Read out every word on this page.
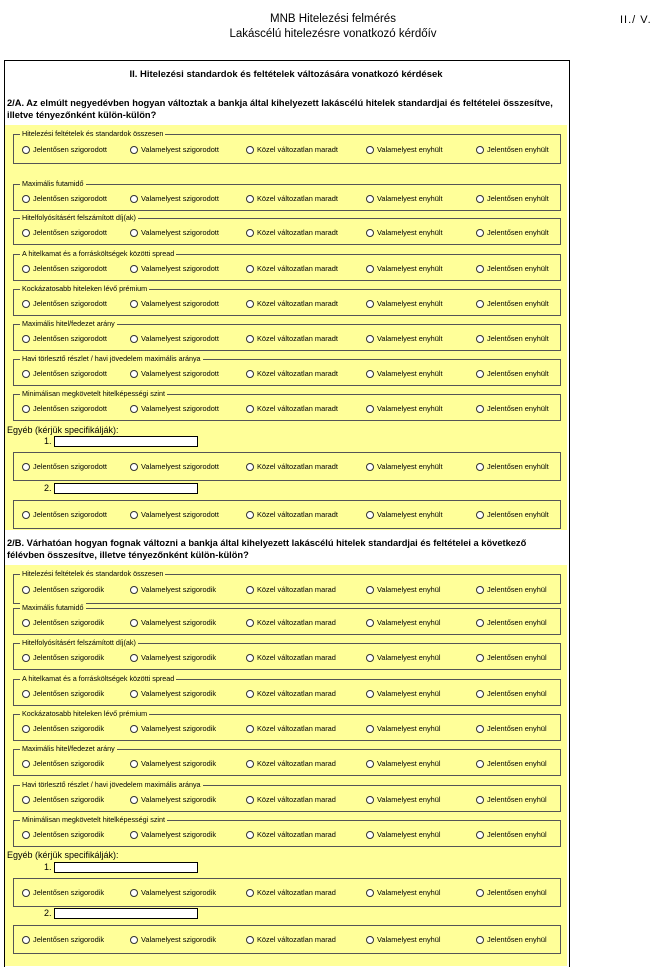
MNB Hitelezési felmérés
Lakáscélú hitelezésre vonatkozó kérdőív
II./ V.
II. Hitelezési standardok és feltételek változására vonatkozó kérdések
2/A. Az elmúlt negyedévben hogyan változtak a bankja által kihelyezett lakáscélú hitelek standardjai és feltételei összesítve, illetve tényezőnként külön-külön?
Hitelezési feltételek és standardok összesen
Jelentősen szigorodott	Valamelyest szigorodott	Közel változatlan maradt	Valamelyest enyhült	Jelentősen enyhült
Maximális futamidő
Jelentősen szigorodott	Valamelyest szigorodott	Közel változatlan maradt	Valamelyest enyhült	Jelentősen enyhült
Hitelfolyósításért felszámított díj(ak)
Jelentősen szigorodott	Valamelyest szigorodott	Közel változatlan maradt	Valamelyest enyhült	Jelentősen enyhült
A hitelkamat és a forrásköltségek közötti spread
Jelentősen szigorodott	Valamelyest szigorodott	Közel változatlan maradt	Valamelyest enyhült	Jelentősen enyhült
Kockázatosabb hiteleken lévő prémium
Jelentősen szigorodott	Valamelyest szigorodott	Közel változatlan maradt	Valamelyest enyhült	Jelentősen enyhült
Maximális hitel/fedezet arány
Jelentősen szigorodott	Valamelyest szigorodott	Közel változatlan maradt	Valamelyest enyhült	Jelentősen enyhült
Havi törlesztő részlet / havi jövedelem maximális aránya
Jelentősen szigorodott	Valamelyest szigorodott	Közel változatlan maradt	Valamelyest enyhült	Jelentősen enyhült
Minimálisan megkövetelt hitelképességi szint
Jelentősen szigorodott	Valamelyest szigorodott	Közel változatlan maradt	Valamelyest enyhült	Jelentősen enyhült
Jelentősen szigorodott	Valamelyest szigorodott	Közel változatlan maradt	Valamelyest enyhült	Jelentősen enyhült
Jelentősen szigorodott	Valamelyest szigorodott	Közel változatlan maradt	Valamelyest enyhült	Jelentősen enyhült
Egyéb (kérjük specifikálják):
1.
2.
2/B. Várhatóan hogyan fognak változni a bankja által kihelyezett lakáscélú hitelek standardjai és feltételei a következő félévben összesítve, illetve tényezőnként külön-külön?
Hitelezési feltételek és standardok összesen
Jelentősen szigorodik	Valamelyest szigorodik	Közel változatlan marad	Valamelyest enyhül	Jelentősen enyhül
Maximális futamidő
Jelentősen szigorodik	Valamelyest szigorodik	Közel változatlan marad	Valamelyest enyhül	Jelentősen enyhül
Hitelfolyósításért felszámított díj(ak)
Jelentősen szigorodik	Valamelyest szigorodik	Közel változatlan marad	Valamelyest enyhül	Jelentősen enyhül
A hitelkamat és a forrásköltségek közötti spread
Jelentősen szigorodik	Valamelyest szigorodik	Közel változatlan marad	Valamelyest enyhül	Jelentősen enyhül
Kockázatosabb hiteleken lévő prémium
Jelentősen szigorodik	Valamelyest szigorodik	Közel változatlan marad	Valamelyest enyhül	Jelentősen enyhül
Maximális hitel/fedezet arány
Jelentősen szigorodik	Valamelyest szigorodik	Közel változatlan marad	Valamelyest enyhül	Jelentősen enyhül
Havi törlesztő részlet / havi jövedelem maximális aránya
Jelentősen szigorodik	Valamelyest szigorodik	Közel változatlan marad	Valamelyest enyhül	Jelentősen enyhül
Minimálisan megkövetelt hitelképességi szint
Jelentősen szigorodik	Valamelyest szigorodik	Közel változatlan marad	Valamelyest enyhül	Jelentősen enyhül
Jelentősen szigorodik	Valamelyest szigorodik	Közel változatlan marad	Valamelyest enyhül	Jelentősen enyhül
Jelentősen szigorodik	Valamelyest szigorodik	Közel változatlan marad	Valamelyest enyhül	Jelentősen enyhül
Egyéb (kérjük specifikálják):
1.
2.
